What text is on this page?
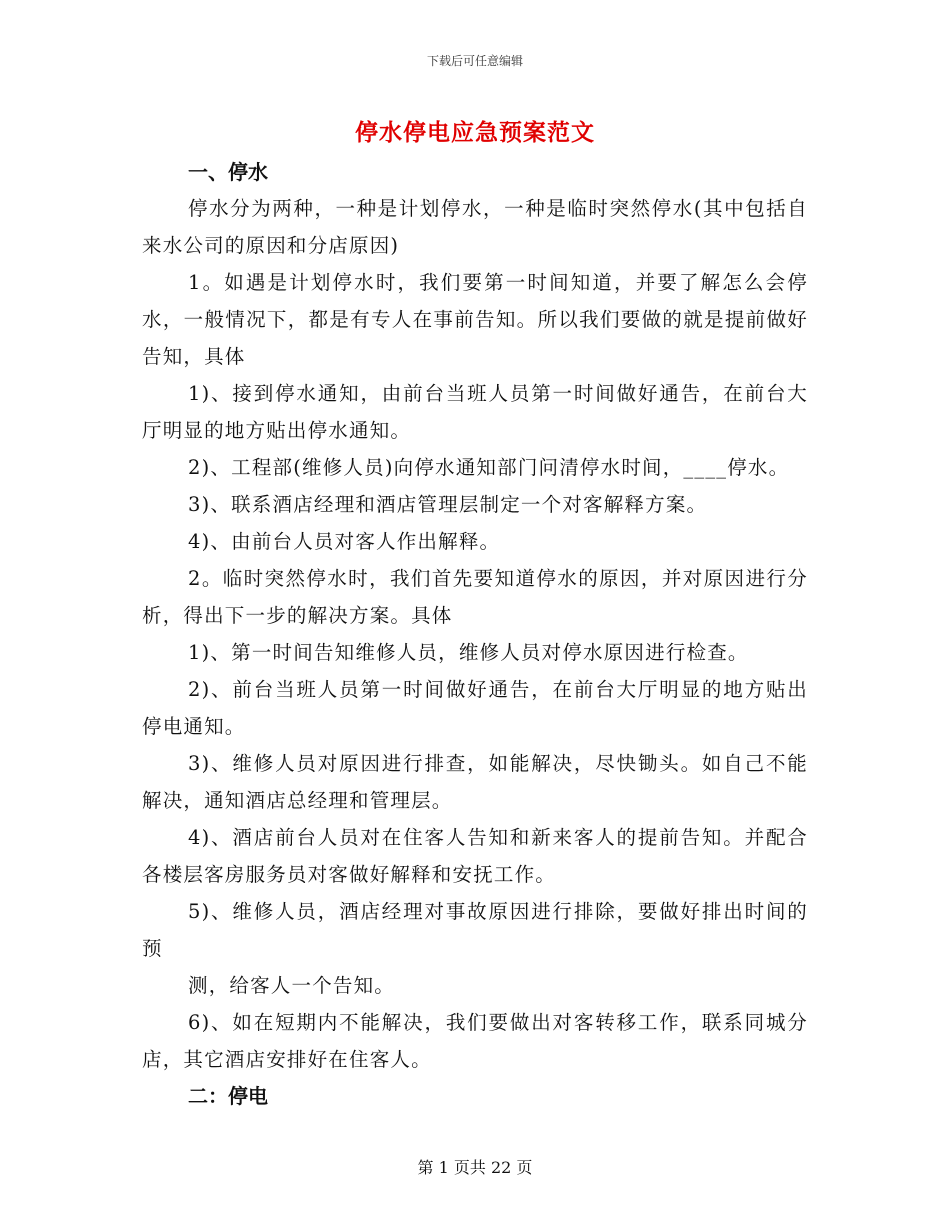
下载后可任意编辑
停水停电应急预案范文

一、停水

停水分为两种，一种是计划停水，一种是临时突然停水(其中包括自来水公司的原因和分店原因)

1。如遇是计划停水时，我们要第一时间知道，并要了解怎么会停水，一般情况下，都是有专人在事前告知。所以我们要做的就是提前做好告知，具体

1)、接到停水通知，由前台当班人员第一时间做好通告，在前台大厅明显的地方贴出停水通知。

2)、工程部(维修人员)向停水通知部门问清停水时间，____停水。

3)、联系酒店经理和酒店管理层制定一个对客解释方案。

4)、由前台人员对客人作出解释。

2。临时突然停水时，我们首先要知道停水的原因，并对原因进行分析，得出下一步的解决方案。具体

1)、第一时间告知维修人员，维修人员对停水原因进行检查。

2)、前台当班人员第一时间做好通告，在前台大厅明显的地方贴出停电通知。

3)、维修人员对原因进行排查，如能解决，尽快锄头。如自己不能解决，通知酒店总经理和管理层。

4)、酒店前台人员对在住客人告知和新来客人的提前告知。并配合各楼层客房服务员对客做好解释和安抚工作。

5)、维修人员，酒店经理对事故原因进行排除，要做好排出时间的预

测，给客人一个告知。

6)、如在短期内不能解决，我们要做出对客转移工作，联系同城分店，其它酒店安排好在住客人。

二：停电

第 1 页共 22 页
